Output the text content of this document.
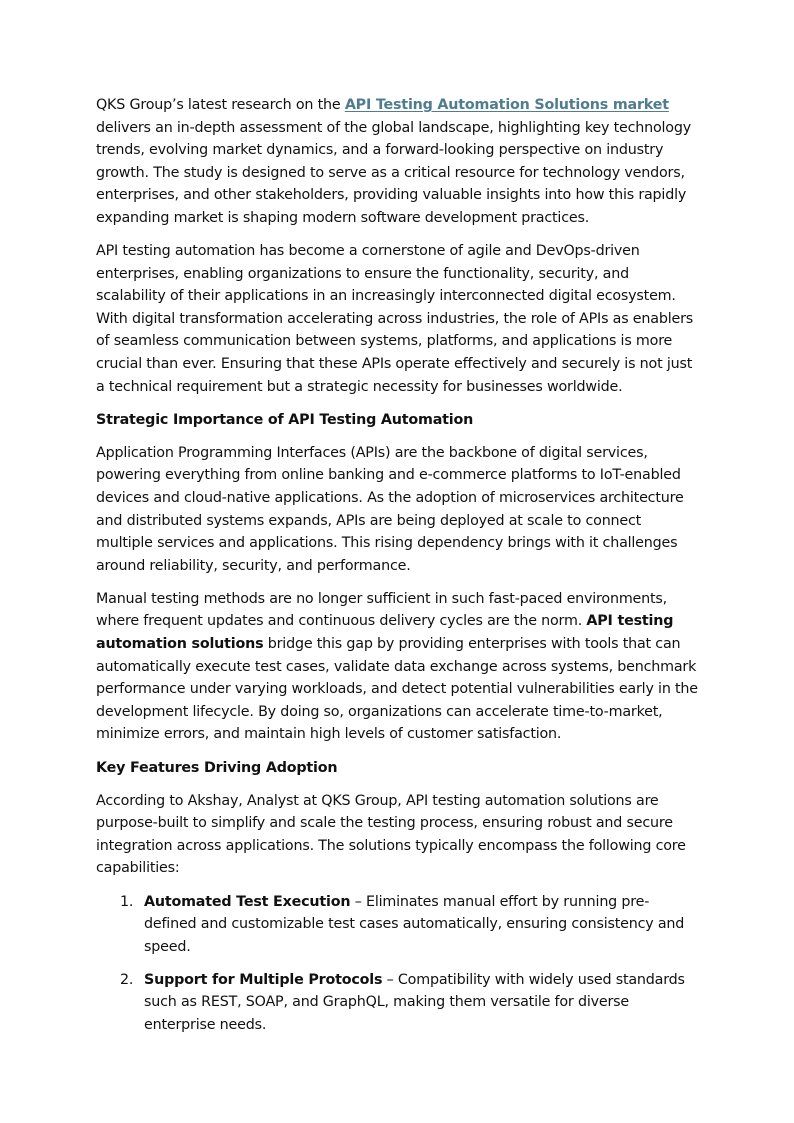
QKS Group’s latest research on the API Testing Automation Solutions market delivers an in-depth assessment of the global landscape, highlighting key technology trends, evolving market dynamics, and a forward-looking perspective on industry growth. The study is designed to serve as a critical resource for technology vendors, enterprises, and other stakeholders, providing valuable insights into how this rapidly expanding market is shaping modern software development practices.

API testing automation has become a cornerstone of agile and DevOps-driven enterprises, enabling organizations to ensure the functionality, security, and scalability of their applications in an increasingly interconnected digital ecosystem. With digital transformation accelerating across industries, the role of APIs as enablers of seamless communication between systems, platforms, and applications is more crucial than ever. Ensuring that these APIs operate effectively and securely is not just a technical requirement but a strategic necessity for businesses worldwide.

Strategic Importance of API Testing Automation

Application Programming Interfaces (APIs) are the backbone of digital services, powering everything from online banking and e-commerce platforms to IoT-enabled devices and cloud-native applications. As the adoption of microservices architecture and distributed systems expands, APIs are being deployed at scale to connect multiple services and applications. This rising dependency brings with it challenges around reliability, security, and performance.

Manual testing methods are no longer sufficient in such fast-paced environments, where frequent updates and continuous delivery cycles are the norm. API testing automation solutions bridge this gap by providing enterprises with tools that can automatically execute test cases, validate data exchange across systems, benchmark performance under varying workloads, and detect potential vulnerabilities early in the development lifecycle. By doing so, organizations can accelerate time-to-market, minimize errors, and maintain high levels of customer satisfaction.

Key Features Driving Adoption

According to Akshay, Analyst at QKS Group, API testing automation solutions are purpose-built to simplify and scale the testing process, ensuring robust and secure integration across applications. The solutions typically encompass the following core capabilities:

1. Automated Test Execution – Eliminates manual effort by running pre-defined and customizable test cases automatically, ensuring consistency and speed.
2. Support for Multiple Protocols – Compatibility with widely used standards such as REST, SOAP, and GraphQL, making them versatile for diverse enterprise needs.
